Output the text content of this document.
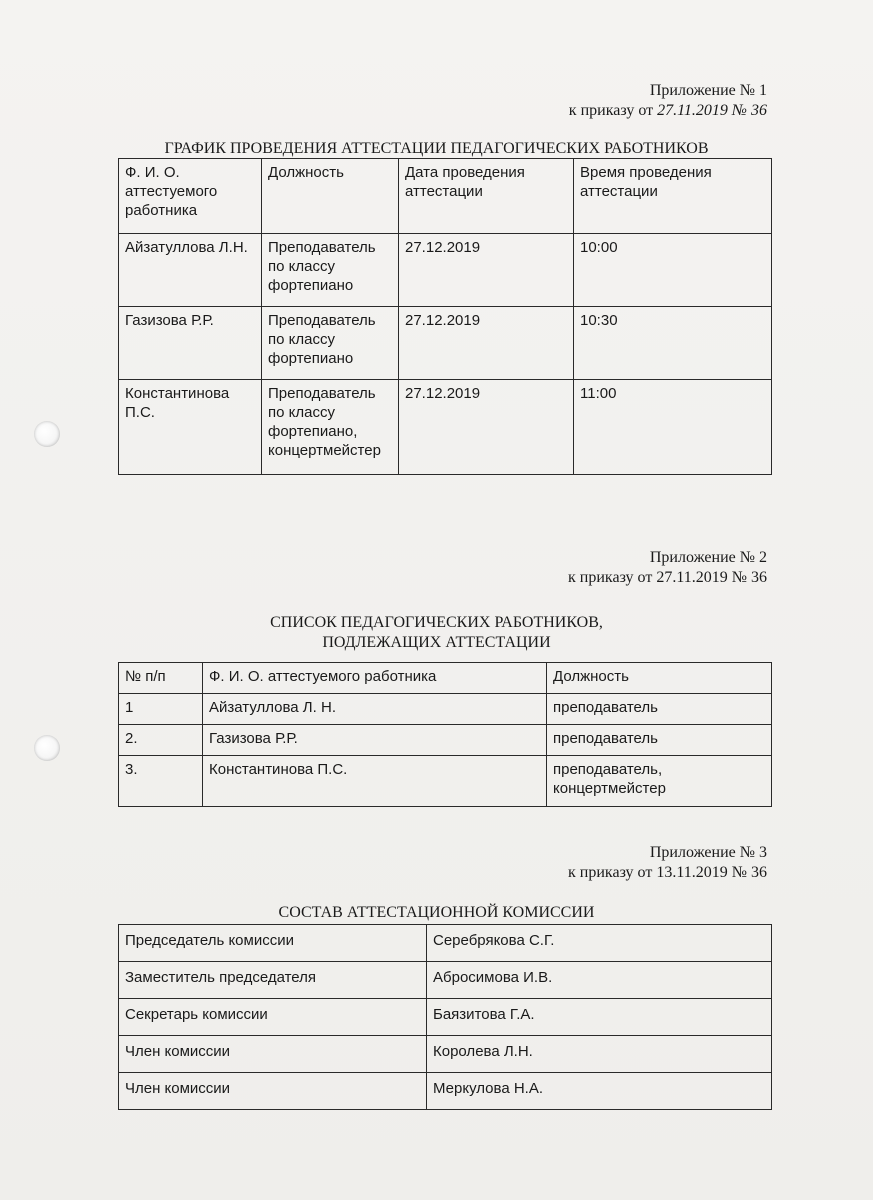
Приложение № 1
к приказу от 27.11.2019 № 36
ГРАФИК ПРОВЕДЕНИЯ АТТЕСТАЦИИ ПЕДАГОГИЧЕСКИХ РАБОТНИКОВ
Ф. И. О. аттестуемого работника	Должность	Дата проведения аттестации	Время проведения аттестации
Айзатуллова Л.Н.	Преподаватель по классу фортепиано	27.12.2019	10:00
Газизова Р.Р.	Преподаватель по классу фортепиано	27.12.2019	10:30
Константинова П.С.	Преподаватель по классу фортепиано, концертмейстер	27.12.2019	11:00
Приложение № 2
к приказу от 27.11.2019 № 36
СПИСОК ПЕДАГОГИЧЕСКИХ РАБОТНИКОВ,
ПОДЛЕЖАЩИХ АТТЕСТАЦИИ
№ п/п	Ф. И. О. аттестуемого работника	Должность
1	Айзатуллова Л. Н.	преподаватель
2.	Газизова Р.Р.	преподаватель
3.	Константинова П.С.	преподаватель, концертмейстер
Приложение № 3
к приказу от 13.11.2019 № 36
СОСТАВ АТТЕСТАЦИОННОЙ КОМИССИИ
Председатель комиссии	Серебрякова С.Г.
Заместитель председателя	Абросимова И.В.
Секретарь комиссии	Баязитова Г.А.
Член комиссии	Королева Л.Н.
Член комиссии	Меркулова Н.А.
